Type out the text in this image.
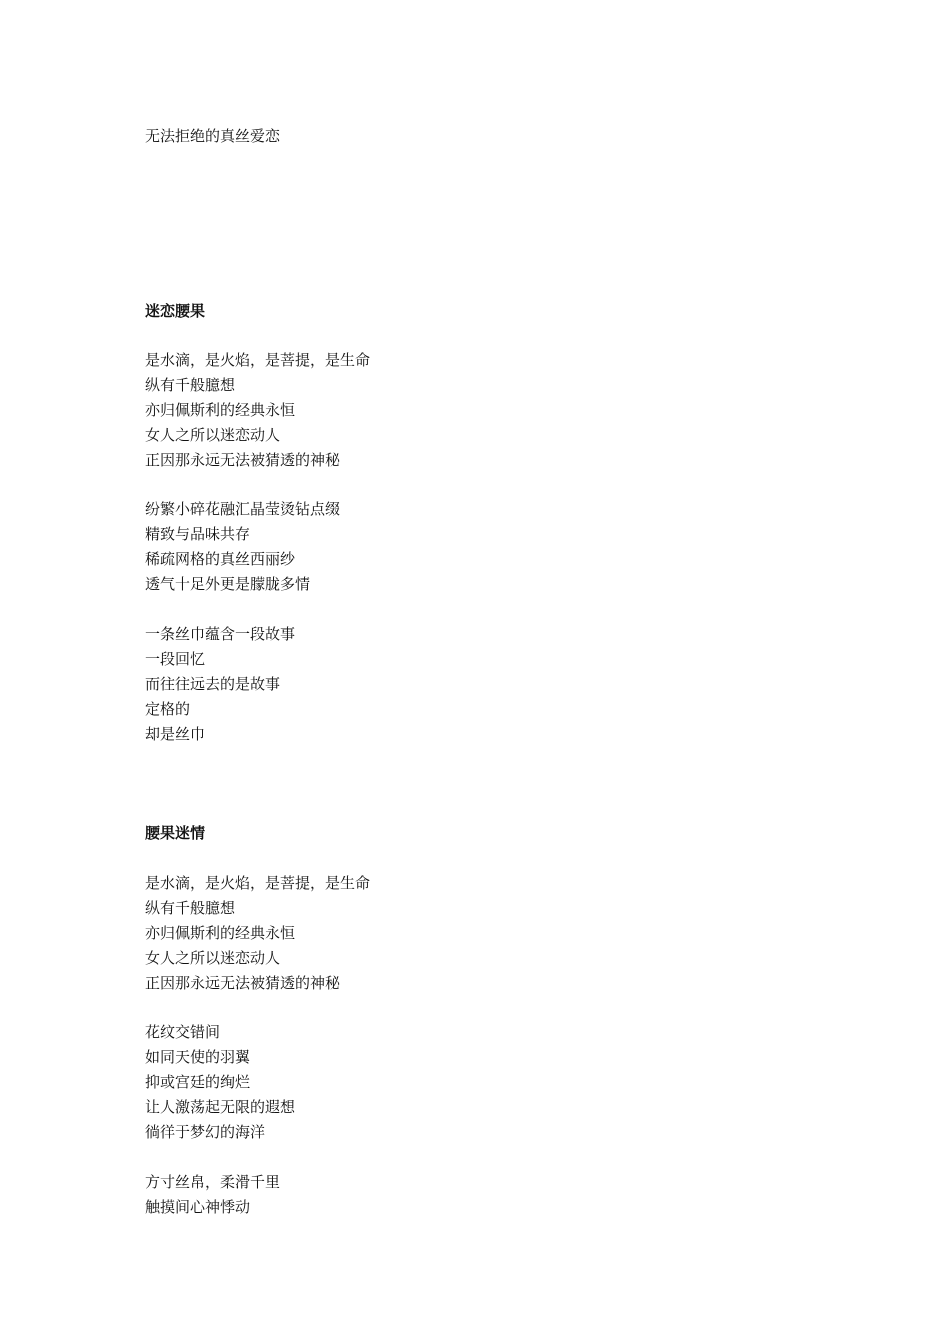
无法拒绝的真丝爱恋
迷恋腰果
是水滴，是火焰，是菩提，是生命
纵有千般臆想
亦归佩斯利的经典永恒
女人之所以迷恋动人
正因那永远无法被猜透的神秘
纷繁小碎花融汇晶莹烫钻点缀
精致与品味共存
稀疏网格的真丝西丽纱
透气十足外更是朦胧多情
一条丝巾蕴含一段故事
一段回忆
而往往远去的是故事
定格的
却是丝巾
腰果迷情
是水滴，是火焰，是菩提，是生命
纵有千般臆想
亦归佩斯利的经典永恒
女人之所以迷恋动人
正因那永远无法被猜透的神秘
花纹交错间
如同天使的羽翼
抑或宫廷的绚烂
让人激荡起无限的遐想
徜徉于梦幻的海洋
方寸丝帛，柔滑千里
触摸间心神悸动
